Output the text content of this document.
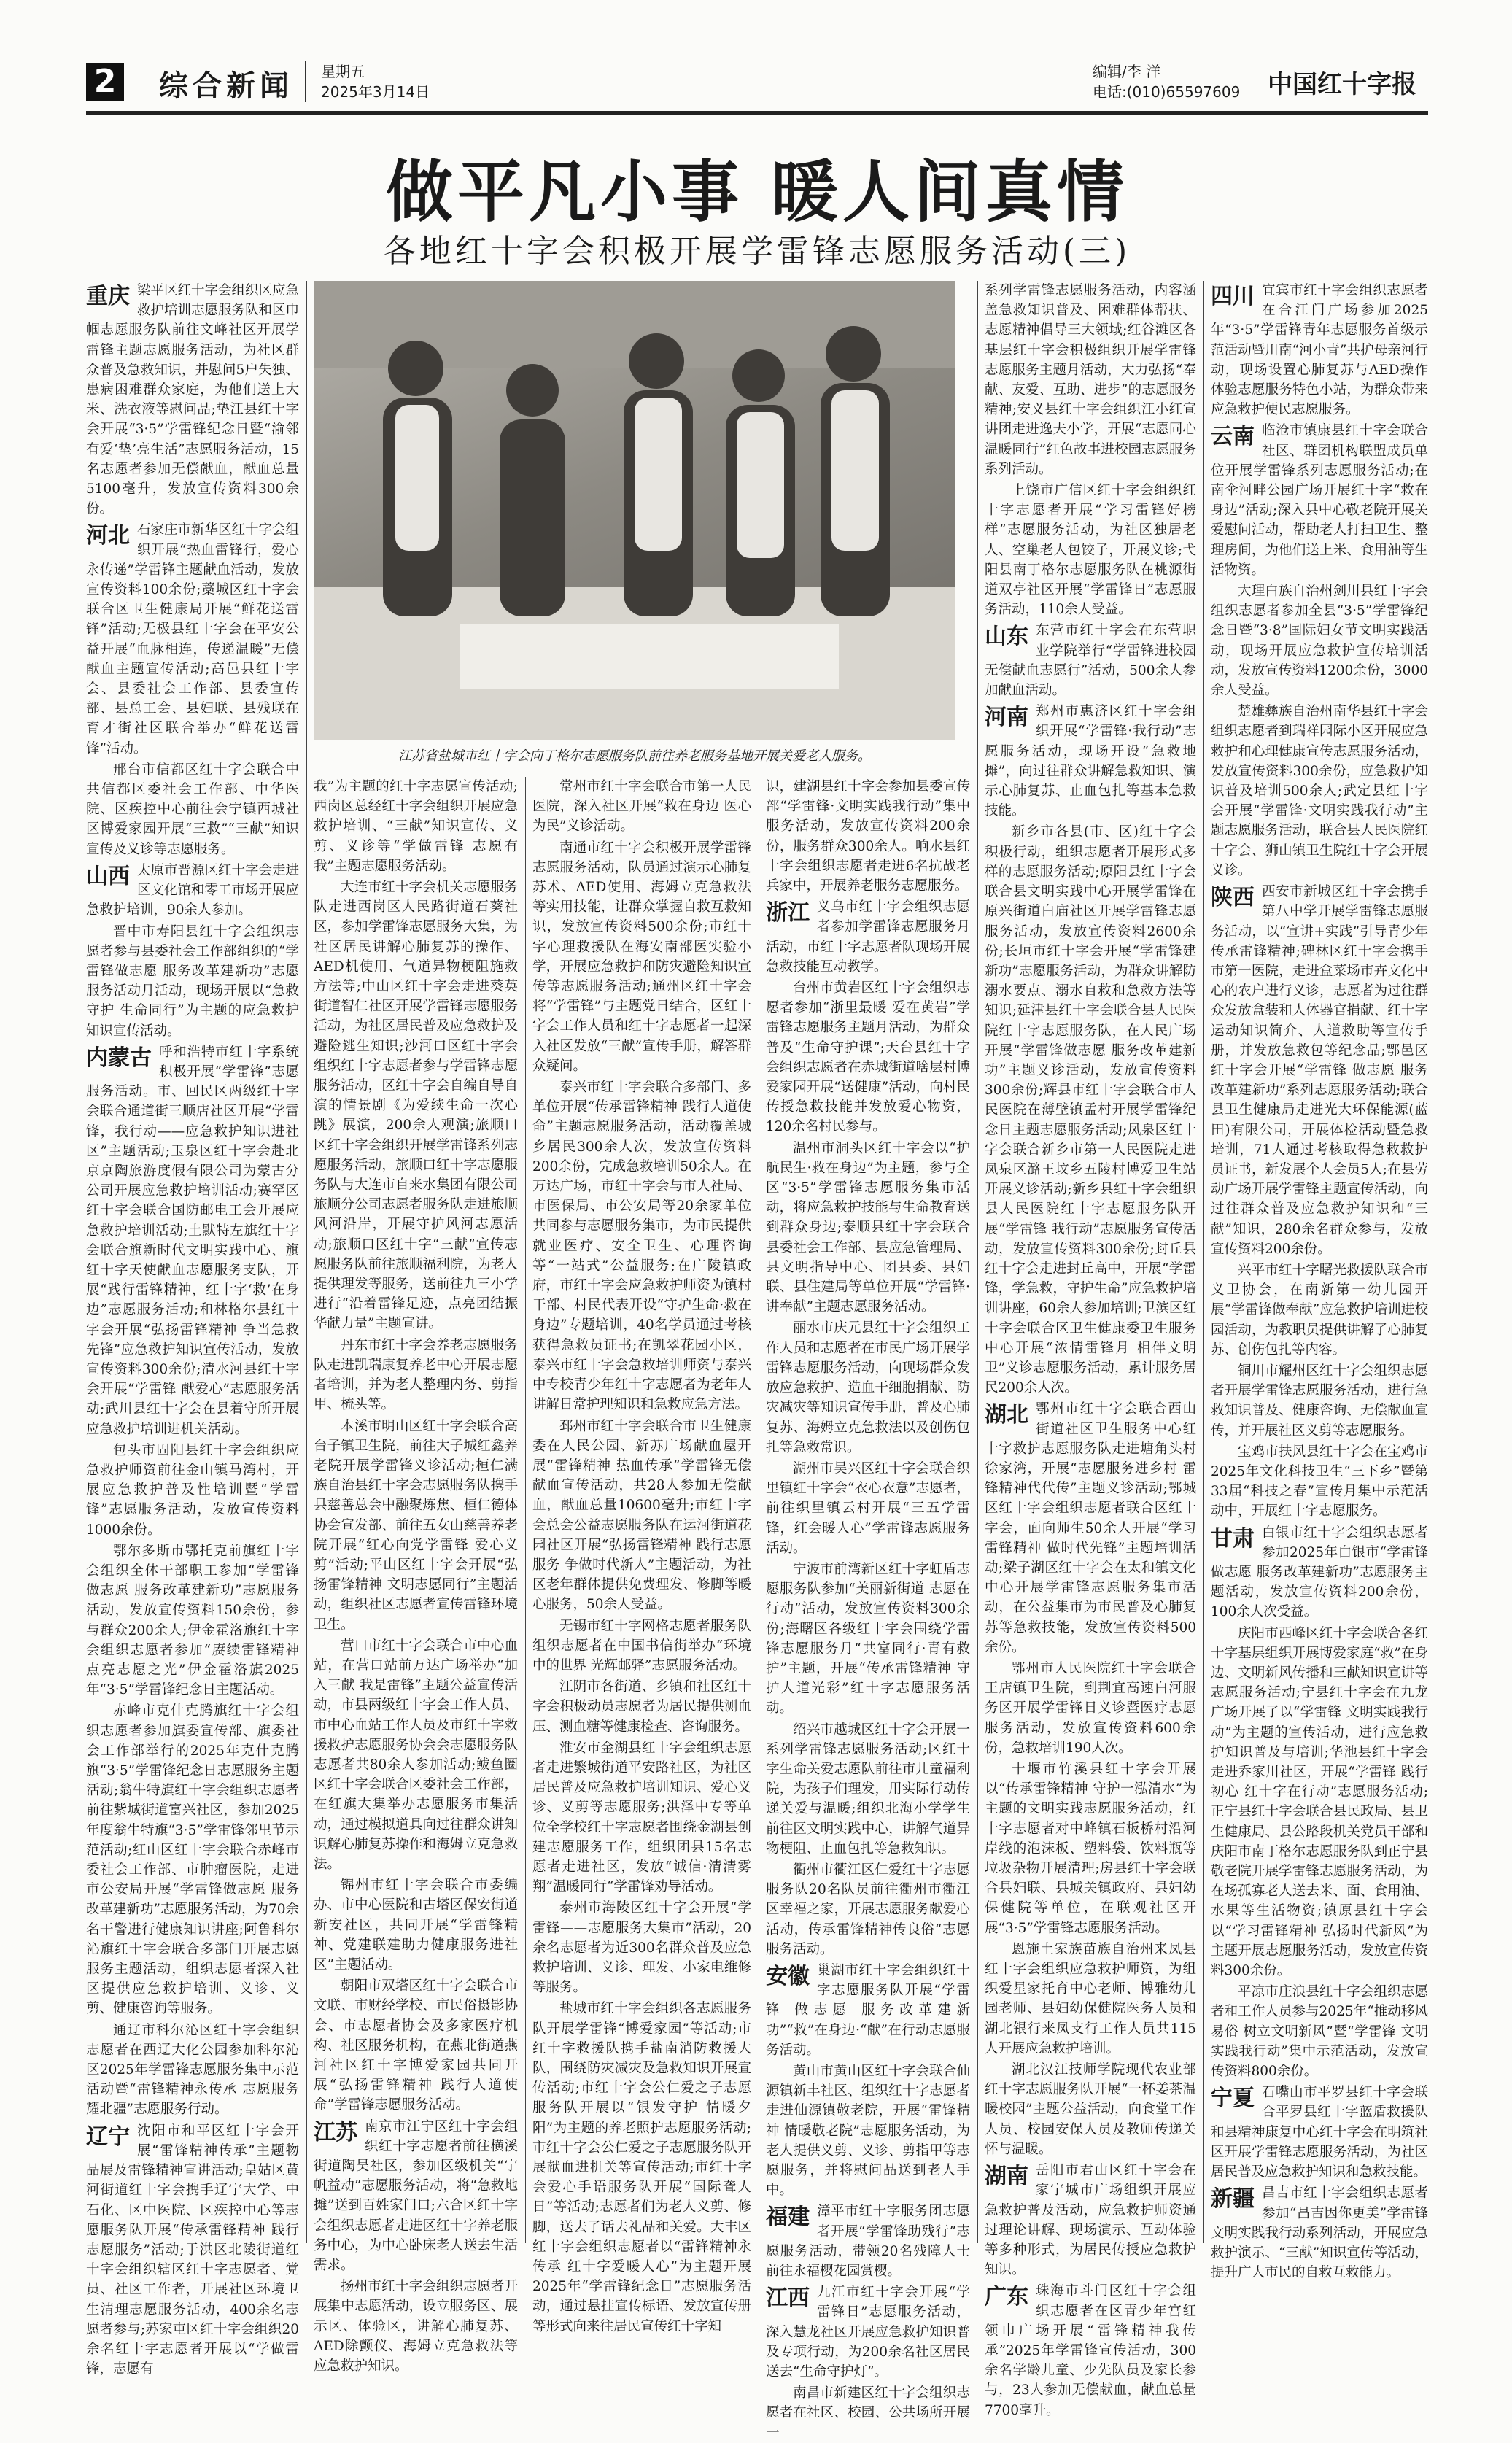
2 综合新闻 星期五
2025年3月14日
编辑/李 洋
电话:(010)65597609 中国红十字报
做平凡小事 暖人间真情
各地红十字会积极开展学雷锋志愿服务活动(三)
江苏省盐城市红十字会向丁格尔志愿服务队前往养老服务基地开展关爱老人服务。

重庆 梁平区红十字会组织区应急救护培训志愿服务队和区巾帼志愿服务队前往文峰社区开展学雷锋主题志愿服务活动，为社区群众普及急救知识，并慰问5户失独、患病困难群众家庭，为他们送上大米、洗衣液等慰问品;垫江县红十字会开展“3·5”学雷锋纪念日暨“渝邻有爱‘垫’亮生活”志愿服务活动，15名志愿者参加无偿献血，献血总量5100毫升，发放宣传资料300余份。

河北 石家庄市新华区红十字会组织开展“热血雷锋行，爱心永传递”学雷锋主题献血活动，发放宣传资料100余份;藁城区红十字会联合区卫生健康局开展“鲜花送雷锋”活动;无极县红十字会在平安公益开展“血脉相连，传递温暖”无偿献血主题宣传活动;高邑县红十字会、县委社会工作部、县委宣传部、县总工会、县妇联、县残联在育才街社区联合举办“鲜花送雷锋”活动。

邢台市信都区红十字会联合中共信都区委社会工作部、中华医院、区疾控中心前往会宁镇西城社区博爱家园开展“三救”“三献”知识宣传及义诊等志愿服务。

山西 太原市晋源区红十字会走进区文化馆和零工市场开展应急救护培训，90余人参加。

晋中市寿阳县红十字会组织志愿者参与县委社会工作部组织的“学雷锋做志愿 服务改革建新功”志愿服务活动月活动，现场开展以“急救守护 生命同行”为主题的应急救护知识宣传活动。

内蒙古 呼和浩特市红十字系统积极开展“学雷锋”志愿服务活动。市、回民区两级红十字会联合通道街三顺店社区开展“学雷锋，我行动——应急救护知识进社区”主题活动;玉泉区红十字会赴北京京陶旅游度假有限公司为蒙古分公司开展应急救护培训活动;赛罕区红十字会联合国防邮电工会开展应急救护培训活动;土默特左旗红十字会联合旗新时代文明实践中心、旗红十字天使献血志愿服务支队，开展“践行雷锋精神，红十字‘救’在身边”志愿服务活动;和林格尔县红十字会开展“弘扬雷锋精神 争当急救先锋”应急救护知识宣传活动，发放宣传资料300余份;清水河县红十字会开展“学雷锋 献爱心”志愿服务活动;武川县红十字会在县着守所开展应急救护培训进机关活动。

包头市固阳县红十字会组织应急救护师资前往金山镇马湾村，开展应急救护普及性培训暨“学雷锋”志愿服务活动，发放宣传资料1000余份。

鄂尔多斯市鄂托克前旗红十字会组织全体干部职工参加“学雷锋 做志愿 服务改革建新功”志愿服务活动，发放宣传资料150余份，参与群众200余人;伊金霍洛旗红十字会组织志愿者参加“赓续雷锋精神 点亮志愿之光”伊金霍洛旗2025年“3·5”学雷锋纪念日主题活动。

赤峰市克什克腾旗红十字会组织志愿者参加旗委宣传部、旗委社会工作部举行的2025年克什克腾旗“3·5”学雷锋纪念日志愿服务主题活动;翁牛特旗红十字会组织志愿者前往紫城街道富兴社区，参加2025年度翁牛特旗“3·5”学雷锋邻里节示范活动;红山区红十字会联合赤峰市委社会工作部、市肿瘤医院，走进市公安局开展“学雷锋做志愿 服务改革建新功”志愿服务活动，为70余名干警进行健康知识讲座;阿鲁科尔沁旗红十字会联合多部门开展志愿服务主题活动，组织志愿者深入社区提供应急救护培训、义诊、义剪、健康咨询等服务。

通辽市科尔沁区红十字会组织志愿者在西辽大化公园参加科尔沁区2025年学雷锋志愿服务集中示范活动暨“雷锋精神永传承 志愿服务耀北疆”志愿服务行动。

辽宁 沈阳市和平区红十字会开展“雷锋精神传承”主题物品展及雷锋精神宣讲活动;皇姑区黄河街道红十字会携手辽宁大学、中石化、区中医院、区疾控中心等志愿服务队开展“传承雷锋精神 践行志愿服务”活动;于洪区北陵街道红十字会组织辖区红十字志愿者、党员、社区工作者，开展社区环境卫生清理志愿服务活动，400余名志愿者参与;苏家屯区红十字会组织20余名红十字志愿者开展以“学做雷锋，志愿有

我”为主题的红十字志愿宣传活动;西岗区总经红十字会组织开展应急救护培训、“三献”知识宣传、义剪、义诊等“学做雷锋 志愿有我”主题志愿服务活动。

大连市红十字会机关志愿服务队走进西岗区人民路街道石葵社区，参加学雷锋志愿服务大集，为社区居民讲解心肺复苏的操作、AED机使用、气道异物梗阻施救方法等;中山区红十字会走进葵英街道智仁社区开展学雷锋志愿服务活动，为社区居民普及应急救护及避险逃生知识;沙河口区红十字会组织红十字志愿者参与学雷锋志愿服务活动，区红十字会自编自导自演的情景剧《为爱续生命一次心跳》展演，200余人观演;旅顺口区红十字会组织开展学雷锋系列志愿服务活动，旅顺口红十字志愿服务队与大连市自来水集团有限公司旅顺分公司志愿者服务队走进旅顺风河沿岸，开展守护风河志愿活动;旅顺口区红十字“三献”宣传志愿服务队前往旅顺福利院，为老人提供理发等服务，送前往九三小学进行“沿着雷锋足迹，点亮团结振华献力量”主题宣讲。

丹东市红十字会养老志愿服务队走进凯瑞康复养老中心开展志愿者培训，并为老人整理内务、剪指甲、梳头等。

本溪市明山区红十字会联合高台子镇卫生院，前往大子城红鑫养老院开展学雷锋义诊活动;桓仁满族自治县红十字会志愿服务队携手县慈善总会中融聚炼焦、桓仁德体协会宣发部、前往五女山慈善养老院开展“红心向党学雷锋 爱心义剪”活动;平山区红十字会开展“弘扬雷锋精神 文明志愿同行”主题活动，组织社区志愿者宣传雷锋环境卫生。

营口市红十字会联合市中心血站，在营口站前万达广场举办“加入三献 我是雷锋”主题公益宣传活动，市县两级红十字会工作人员、市中心血站工作人员及市红十字救援救护志愿服务协会会志愿服务队志愿者共80余人参加活动;鲅鱼圈区红十字会联合区委社会工作部，在红旗大集举办志愿服务市集活动，通过模拟道具向过往群众讲知识解心肺复苏操作和海姆立克急救法。

锦州市红十字会联合市委编办、市中心医院和古塔区保安街道新安社区，共同开展“学雷锋精神、党建联建助力健康服务进社区”主题活动。

朝阳市双塔区红十字会联合市文联、市财经学校、市民俗摄影协会、市志愿者协会及多家医疗机构、社区服务机构，在燕北街道燕河社区红十字博爱家园共同开展“弘扬雷锋精神 践行人道使命”学雷锋志愿服务活动。

江苏 南京市江宁区红十字会组织红十字志愿者前往横溪街道陶吴社区，参加区级机关“宁帆益动”志愿服务活动，将“急救地摊”送到百姓家门口;六合区红十字会组织志愿者走进区红十字养老服务中心，为中心卧床老人送去生活需求。

扬州市红十字会组织志愿者开展集中志愿活动，设立服务区、展示区、体验区，讲解心肺复苏、AED除颤仪、海姆立克急救法等应急救护知识。

常州市红十字会联合市第一人民医院，深入社区开展“救在身边 医心为民”义诊活动。

南通市红十字会积极开展学雷锋志愿服务活动，队员通过演示心肺复苏术、AED使用、海姆立克急救法等实用技能，让群众掌握自救互救知识，发放宣传资料500余份;市红十字心理救援队在海安南部医实验小学，开展应急救护和防灾避险知识宣传等志愿服务活动;通州区红十字会将“学雷锋”与主题党日结合，区红十字会工作人员和红十字志愿者一起深入社区发放“三献”宣传手册，解答群众疑问。

泰兴市红十字会联合多部门、多单位开展“传承雷锋精神 践行人道使命”主题志愿服务活动，活动覆盖城乡居民300余人次，发放宣传资料200余份，完成急救培训50余人。在万达广场，市红十字会与市人社局、市医保局、市公安局等20余家单位共同参与志愿服务集市，为市民提供就业医疗、安全卫生、心理咨询等“一站式”公益服务;在广陵镇政府，市红十字会应急救护师资为镇村干部、村民代表开设“守护生命·救在身边”专题培训，40名学员通过考核获得急救员证书;在凯翠花园小区，泰兴市红十字会急救培训师资与泰兴中专校青少年红十字志愿者为老年人讲解日常护理知识和急救应急方法。

邳州市红十字会联合市卫生健康委在人民公园、新苏广场献血屋开展“雷锋精神 热血传承”学雷锋无偿献血宣传活动，共28人参加无偿献血，献血总量10600毫升;市红十字会总会公益志愿服务队在运河街道花园社区开展“弘扬雷锋精神 践行志愿服务 争做时代新人”主题活动，为社区老年群体提供免费理发、修脚等暖心服务，50余人受益。

无锡市红十字网格志愿者服务队组织志愿者在中国书信街举办“环境中的世界 光辉邮驿”志愿服务活动。

江阴市各街道、乡镇和社区红十字会积极动员志愿者为居民提供测血压、测血糖等健康检查、咨询服务。

淮安市金湖县红十字会组织志愿者走进繁城街道平安路社区，为社区居民普及应急救护培训知识、爱心义诊、义剪等志愿服务;洪泽中专等单位全学校红十字志愿者围绕金湖县创建志愿服务工作，组织团县15名志愿者走进社区，发放“诚信·清清雾翔”温暖同行“学雷锋劝导活动。

泰州市海陵区红十字会开展“学雷锋——志愿服务大集市”活动，20余名志愿者为近300名群众普及应急救护培训、义诊、理发、小家电维修等服务。

盐城市红十字会组织各志愿服务队开展学雷锋“博爱家园”等活动;市红十字救援队携手盐南消防救援大队，围绕防灾减灾及急救知识开展宣传活动;市红十字会公仁爱之子志愿服务队开展以“银发守护 情暖夕阳”为主题的养老照护志愿服务活动;市红十字会公仁爱之子志愿服务队开展献血进机关等宣传活动;市红十字会爱心手语服务队开展“国际聋人日”等活动;志愿者们为老人义剪、修脚，送去了话去礼品和关爱。大丰区红十字会组织志愿者以“雷锋精神永传承 红十字爱暖人心”为主题开展2025年“学雷锋纪念日”志愿服务活动，通过悬挂宣传标语、发放宣传册等形式向来往居民宣传红十字知

识，建湖县红十字会参加县委宣传部“学雷锋·文明实践我行动”集中服务活动，发放宣传资料200余份，服务群众300余人。响水县红十字会组织志愿者走进6名抗战老兵家中，开展养老服务志愿服务。

浙江 义乌市红十字会组织志愿者参加学雷锋志愿服务月活动，市红十字志愿者队现场开展急救技能互动教学。

台州市黄岩区红十字会组织志愿者参加“浙里最暖 爱在黄岩”学雷锋志愿服务主题月活动，为群众普及“生命守护课”;天台县红十字会组织志愿者在赤城街道啥层村博爱家园开展“送健康”活动，向村民传授急救技能并发放爱心物资，120余名村民参与。

温州市洞头区红十字会以“护航民生·救在身边”为主题，参与全区“3·5”学雷锋志愿服务集市活动，将应急救护技能与生命教育送到群众身边;泰顺县红十字会联合县委社会工作部、县应急管理局、县文明指导中心、团县委、县妇联、县住建局等单位开展“学雷锋·讲奉献”主题志愿服务活动。

丽水市庆元县红十字会组织工作人员和志愿者在市民广场开展学雷锋志愿服务活动，向现场群众发放应急救护、造血干细胞捐献、防灾减灾等知识宣传手册，普及心肺复苏、海姆立克急救法以及创伤包扎等急救常识。

湖州市吴兴区红十字会联合织里镇红十字会“衣心衣意”志愿者，前往织里镇云村开展“三五学雷锋，红会暖人心”学雷锋志愿服务活动。

宁波市前湾新区红十字虹盾志愿服务队参加“美丽新街道 志愿在行动”活动，发放宣传资料300余份;海曙区各级红十字会围绕学雷锋志愿服务月“共富同行·青有救护”主题，开展“传承雷锋精神 守护人道光彩”红十字志愿服务活动。

绍兴市越城区红十字会开展一系列学雷锋志愿服务活动;区红十字生命关爱志愿队前往市儿童福利院，为孩子们理发，用实际行动传递关爱与温暖;组织北海小学学生前往区文明实践中心，讲解气道异物梗阻、止血包扎等急救知识。

衢州市衢江区仁爱红十字志愿服务队20名队员前往衢州市衢江区幸福之家，开展志愿服务献爱心活动，传承雷锋精神传良俗“志愿服务活动。

安徽 巢湖市红十字会组织红十字志愿服务队开展“学雷锋 做志愿 服务改革建新功”“救”在身边·“献”在行动志愿服务活动。

黄山市黄山区红十字会联合仙源镇新丰社区、组织红十字志愿者走进仙源镇敬老院，开展“雷锋精神 情暖敬老院”志愿服务活动，为老人提供义剪、义诊、剪指甲等志愿服务，并将慰问品送到老人手中。

福建 漳平市红十字服务团志愿者开展“学雷锋助残行”志愿服务活动，带领20名残障人士前往永福樱花园赏樱。

江西 九江市红十字会开展“学雷锋日”志愿服务活动，深入慧龙社区开展应急救护知识普及专项行动，为200余名社区居民送去“生命守护灯”。

南昌市新建区红十字会组织志愿者在社区、校园、公共场所开展一

系列学雷锋志愿服务活动，内容涵盖急救知识普及、困难群体帮扶、志愿精神倡导三大领域;红谷滩区各基层红十字会积极组织开展学雷锋志愿服务主题月活动，大力弘扬“奉献、友爱、互助、进步”的志愿服务精神;安义县红十字会组织江小红宣讲团走进逸夫小学，开展“志愿同心温暖同行”红色故事进校园志愿服务系列活动。

上饶市广信区红十字会组织红十字志愿者开展“学习雷锋好榜样”志愿服务活动，为社区独居老人、空巢老人包饺子，开展义诊;弋阳县南丁格尔志愿服务队在桃源街道双亭社区开展“学雷锋日”志愿服务活动，110余人受益。

山东 东营市红十字会在东营职业学院举行“学雷锋进校园 无偿献血志愿行”活动，500余人参加献血活动。

河南 郑州市惠济区红十字会组织开展“学雷锋·我行动”志愿服务活动，现场开设“急救地摊”，向过往群众讲解急救知识、演示心肺复苏、止血包扎等基本急救技能。

新乡市各县(市、区)红十字会积极行动，组织志愿者开展形式多样的志愿服务活动;原阳县红十字会联合县文明实践中心开展学雷锋在原兴街道白庙社区开展学雷锋志愿服务活动，发放宣传资料2600余份;长垣市红十字会开展“学雷锋建新功”志愿服务活动，为群众讲解防溺水要点、溺水自救和急救方法等知识;延津县红十字会联合县人民医院红十字志愿服务队，在人民广场开展“学雷锋做志愿 服务改革建新功”主题义诊活动，发放宣传资料300余份;辉县市红十字会联合市人民医院在薄壁镇孟村开展学雷锋纪念日主题志愿服务活动;凤泉区红十字会联合新乡市第一人民医院走进凤泉区潞王坟乡五陵村博爱卫生站开展义诊活动;新乡县红十字会组织县人民医院红十字志愿服务队开展“学雷锋 我行动”志愿服务宣传活动，发放宣传资料300余份;封丘县红十字会走进封丘高中，开展“学雷锋，学急救，守护生命”应急救护培训讲座，60余人参加培训;卫滨区红十字会联合区卫生健康委卫生服务中心开展“浓情雷锋月 相伴文明卫”义诊志愿服务活动，累计服务居民200余人次。

湖北 鄂州市红十字会联合西山街道社区卫生服务中心红十字救护志愿服务队走进塘角头村徐家湾，开展“志愿服务进乡村 雷锋精神代代传”主题义诊活动;鄂城区红十字会组织志愿者联合区红十字会，面向师生50余人开展“学习雷锋精神 做时代先锋”主题培训活动;梁子湖区红十字会在太和镇文化中心开展学雷锋志愿服务集市活动，在公益集市为市民普及心肺复苏等急救技能，发放宣传资料500余份。

鄂州市人民医院红十字会联合王店镇卫生院，到荆宜高速白河服务区开展学雷锋日义诊暨医疗志愿服务活动，发放宣传资料600余份，急救培训190人次。

十堰市竹溪县红十字会开展以“传承雷锋精神 守护一泓清水”为主题的文明实践志愿服务活动，红十字志愿者对中峰镇石板桥村沿河岸线的泡沫板、塑料袋、饮料瓶等垃圾杂物开展清理;房县红十字会联合县妇联、县城关镇政府、县妇幼保健院等单位，在联观社区开展“3·5”学雷锋志愿服务活动。

恩施土家族苗族自治州来凤县红十字会组织应急救护师资，为组织爱星家托育中心老师、博雅幼儿园老师、县妇幼保健院医务人员和湖北银行来凤支行工作人员共115人开展应急救护培训。

湖北汉江技师学院现代农业部红十字志愿服务队开展“一杯姜茶温暖校园”主题公益活动，向食堂工作人员、校园安保人员及教师传递关怀与温暖。

湖南 岳阳市君山区红十字会在家宁城市广场组织开展应急救护普及活动，应急救护师资通过理论讲解、现场演示、互动体验等多种形式，为居民传授应急救护知识。

广东 珠海市斗门区红十字会组织志愿者在区青少年宫红领巾广场开展“雷锋精神我传承”2025年学雷锋宣传活动，300余名学龄儿童、少先队员及家长参与，23人参加无偿献血，献血总量7700毫升。

四川 宜宾市红十字会组织志愿者在合江门广场参加2025年“3·5”学雷锋青年志愿服务首级示范活动暨川南“河小青”共护母亲河行动，现场设置心肺复苏与AED操作体验志愿服务特色小站，为群众带来应急救护便民志愿服务。

云南 临沧市镇康县红十字会联合社区、群团机构联盟成员单位开展学雷锋系列志愿服务活动;在南伞河畔公园广场开展红十字“救在身边”活动;深入县中心敬老院开展关爱慰问活动，帮助老人打扫卫生、整理房间，为他们送上米、食用油等生活物资。

大理白族自治州剑川县红十字会组织志愿者参加全县“3·5”学雷锋纪念日暨“3·8”国际妇女节文明实践活动，现场开展应急救护宣传培训活动，发放宣传资料1200余份，3000余人受益。

楚雄彝族自治州南华县红十字会组织志愿者到瑞祥园际小区开展应急救护和心理健康宣传志愿服务活动，发放宣传资料300余份，应急救护知识普及培训500余人;武定县红十字会开展“学雷锋·文明实践我行动”主题志愿服务活动，联合县人民医院红十字会、狮山镇卫生院红十字会开展义诊。

陕西 西安市新城区红十字会携手第八中学开展学雷锋志愿服务活动，以“宣讲+实践”引导青少年传承雷锋精神;碑林区红十字会携手市第一医院，走进盒菜场市卉文化中心的农户进行义诊，志愿者为过往群众发放盒装和人体器官捐献、红十字运动知识简介、人道救助等宣传手册，并发放急救包等纪念品;鄂邑区红十字会开展“学雷锋 做志愿 服务改革建新功”系列志愿服务活动;联合县卫生健康局走进光大环保能源(蓝田)有限公司，开展体检活动暨急救培训，71人通过考核取得急救救护员证书，新发展个人会员5人;在县劳动广场开展学雷锋主题宣传活动，向过往群众普及应急救护知识和“三献”知识，280余名群众参与，发放宣传资料200余份。

兴平市红十字曙光救援队联合市义卫协会，在南新第一幼儿园开展“学雷锋做奉献”应急救护培训进校园活动，为教职员提供讲解了心肺复苏、创伤包扎等内容。

铜川市耀州区红十字会组织志愿者开展学雷锋志愿服务活动，进行急救知识普及、健康咨询、无偿献血宣传，并开展社区义剪等志愿服务。

宝鸡市扶风县红十字会在宝鸡市2025年文化科技卫生“三下乡”暨第33届“科技之春”宣传月集中示范活动中，开展红十字志愿服务。

甘肃 白银市红十字会组织志愿者参加2025年白银市“学雷锋 做志愿 服务改革建新功”志愿服务主题活动，发放宣传资料200余份，100余人次受益。

庆阳市西峰区红十字会联合各红十字基层组织开展博爱家庭“救”在身边、文明新风传播和三献知识宣讲等志愿服务活动;宁县红十字会在九龙广场开展了以“学雷锋 文明实践我行动”为主题的宣传活动，进行应急救护知识普及与培训;华池县红十字会走进乔家川社区，开展“学雷锋 践行初心 红十字在行动”志愿服务活动;正宁县红十字会联合县民政局、县卫生健康局、县公路段机关党员干部和庆阳市南丁格尔志愿服务队到正宁县敬老院开展学雷锋志愿服务活动，为在场孤寡老人送去米、面、食用油、水果等生活物资;镇原县红十字会以“学习雷锋精神 弘扬时代新风”为主题开展志愿服务活动，发放宣传资料300余份。

平凉市庄浪县红十字会组织志愿者和工作人员参与2025年“推动移风易俗 树立文明新风”暨“学雷锋 文明实践我行动”集中示范活动，发放宣传资料800余份。

宁夏 石嘴山市平罗县红十字会联合平罗县红十字蓝盾救援队和县精神康复中心红十字会在明筑社区开展学雷锋志愿服务活动，为社区居民普及应急救护知识和急救技能。

新疆 昌吉市红十字会组织志愿者参加“昌吉因你更美”学雷锋文明实践我行动系列活动，开展应急救护演示、“三献”知识宣传等活动，提升广大市民的自救互救能力。
